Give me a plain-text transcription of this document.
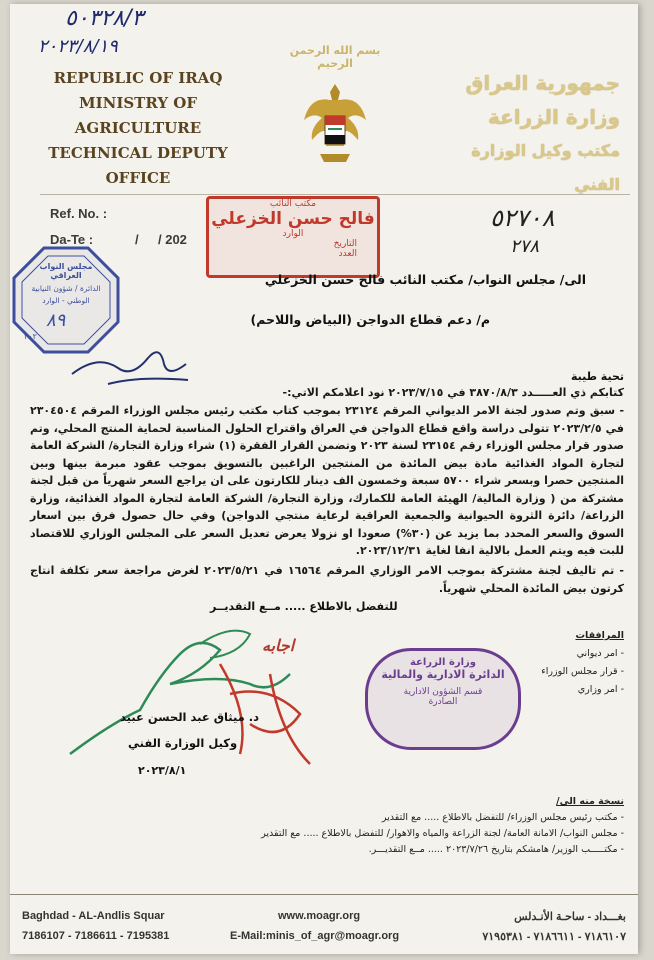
٥٠٣٢٨/٣
٢٠٢٣/٨/١٩
٥٢٧٠٨
٢٧٨
REPUBLIC OF IRAQ
MINISTRY OF AGRICULTURE
TECHNICAL DEPUTY
OFFICE
بسم الله الرحمن الرحيم
جمهورية العراق
وزارة الزراعة
مكتب وكيل الوزارة الفني
Ref. No. :
Da-Te :	/ / 202
مكتب النائب
فالح حسن الخزعلي
الوارد
التاريخ
العدد
مجلس النواب العراقي
الدائرة / شؤون النيابية
الوطني - الوارد
٨٩
٢٠٢
الى/ مجلس النواب/ مكتب النائب فالح حسن الخزعلي
م/ دعم قطاع الدواجن (البياض واللاحم)
تحية طيبة
كتابكم ذي العـــــدد ٣٨٧٠/٨/٣ في ٢٠٢٣/٧/١٥ نود اعلامكم الاتي:-
- سبق وتم صدور لجنة الامر الديواني المرقم ٢٣١٢٤ بموجب كتاب مكتب رئيس مجلس الوزراء المرقم ٢٣٠٤٥٠٤ في ٢٠٢٣/٢/٥ تتولى دراسة واقع قطاع الدواجن في العراق واقتراح الحلول المناسبة لحماية المنتج المحلي، وتم صدور قرار مجلس الوزراء رقم ٢٣١٥٤ لسنة ٢٠٢٣ وتضمن القرار الفقرة (١) شراء وزارة التجارة/ الشركة العامة لتجارة المواد الغذائية مادة بيض المائدة من المنتجين الراغبين بالتسويق بموجب عقود مبرمة بينها وبين المنتجين حصرا وبسعر شراء ٥٧٠٠ سبعة وخمسون الف دينار للكارتون على ان يراجع السعر شهرياً من قبل لجنة مشتركة من ( وزارة المالية/ الهيئة العامة للكمارك، وزارة التجارة/ الشركة العامة لتجارة المواد الغذائية، وزارة الزراعة/ دائرة الثروة الحيوانية والجمعية العراقية لرعاية منتجي الدواجن) وفي حال حصول فرق بين اسعار السوق والسعر المحدد بما يزيد عن (٣٠%) صعودا او نزولا يعرض تعديل السعر على المجلس الوزاري للاقتصاد للبت فيه ويتم العمل بالالية انفا لغاية ٢٠٢٣/١٢/٣١.
- تم تاليف لجنة مشتركة بموجب الامر الوزاري المرقم ١٦٥٦٤ في ٢٠٢٣/٥/٢١ لغرض مراجعة سعر تكلفة انتاج كرتون بيض المائدة المحلي شهرياً.
للتفضل بالاطلاع ..... مــع التقديــر
المرافقات
- امر ديواني
- قرار مجلس الوزراء
- امر وزاري
اجابه
د. ميثاق عبد الحسن عبيد
وكيل الوزارة الفني
٢٠٢٣/٨/١
وزارة الزراعة
الدائرة الادارية والمالية
قسم الشؤون الادارية
الصادرة
نسخة منه الى/
- مكتب رئيس مجلس الوزراء/ للتفضل بالاطلاع ..... مع التقدير
- مجلس النواب/ الامانة العامة/ لجنة الزراعة والمياه والاهوار/ للتفضل بالاطلاع ..... مع التقدير
- مكتـــــب الوزير/ هامشكم بتاريخ ٢٠٢٣/٧/٢٦ ..... مــع التقديـــر.
Baghdad - AL-Andlis Squar
7186107 - 7186611 - 7195381
www.moagr.org
E-Mail:minis_of_agr@moagr.org
بغـــداد - ساحـة الأنـدلس
٧١٨٦١٠٧ - ٧١٨٦٦١١ - ٧١٩٥٣٨١
